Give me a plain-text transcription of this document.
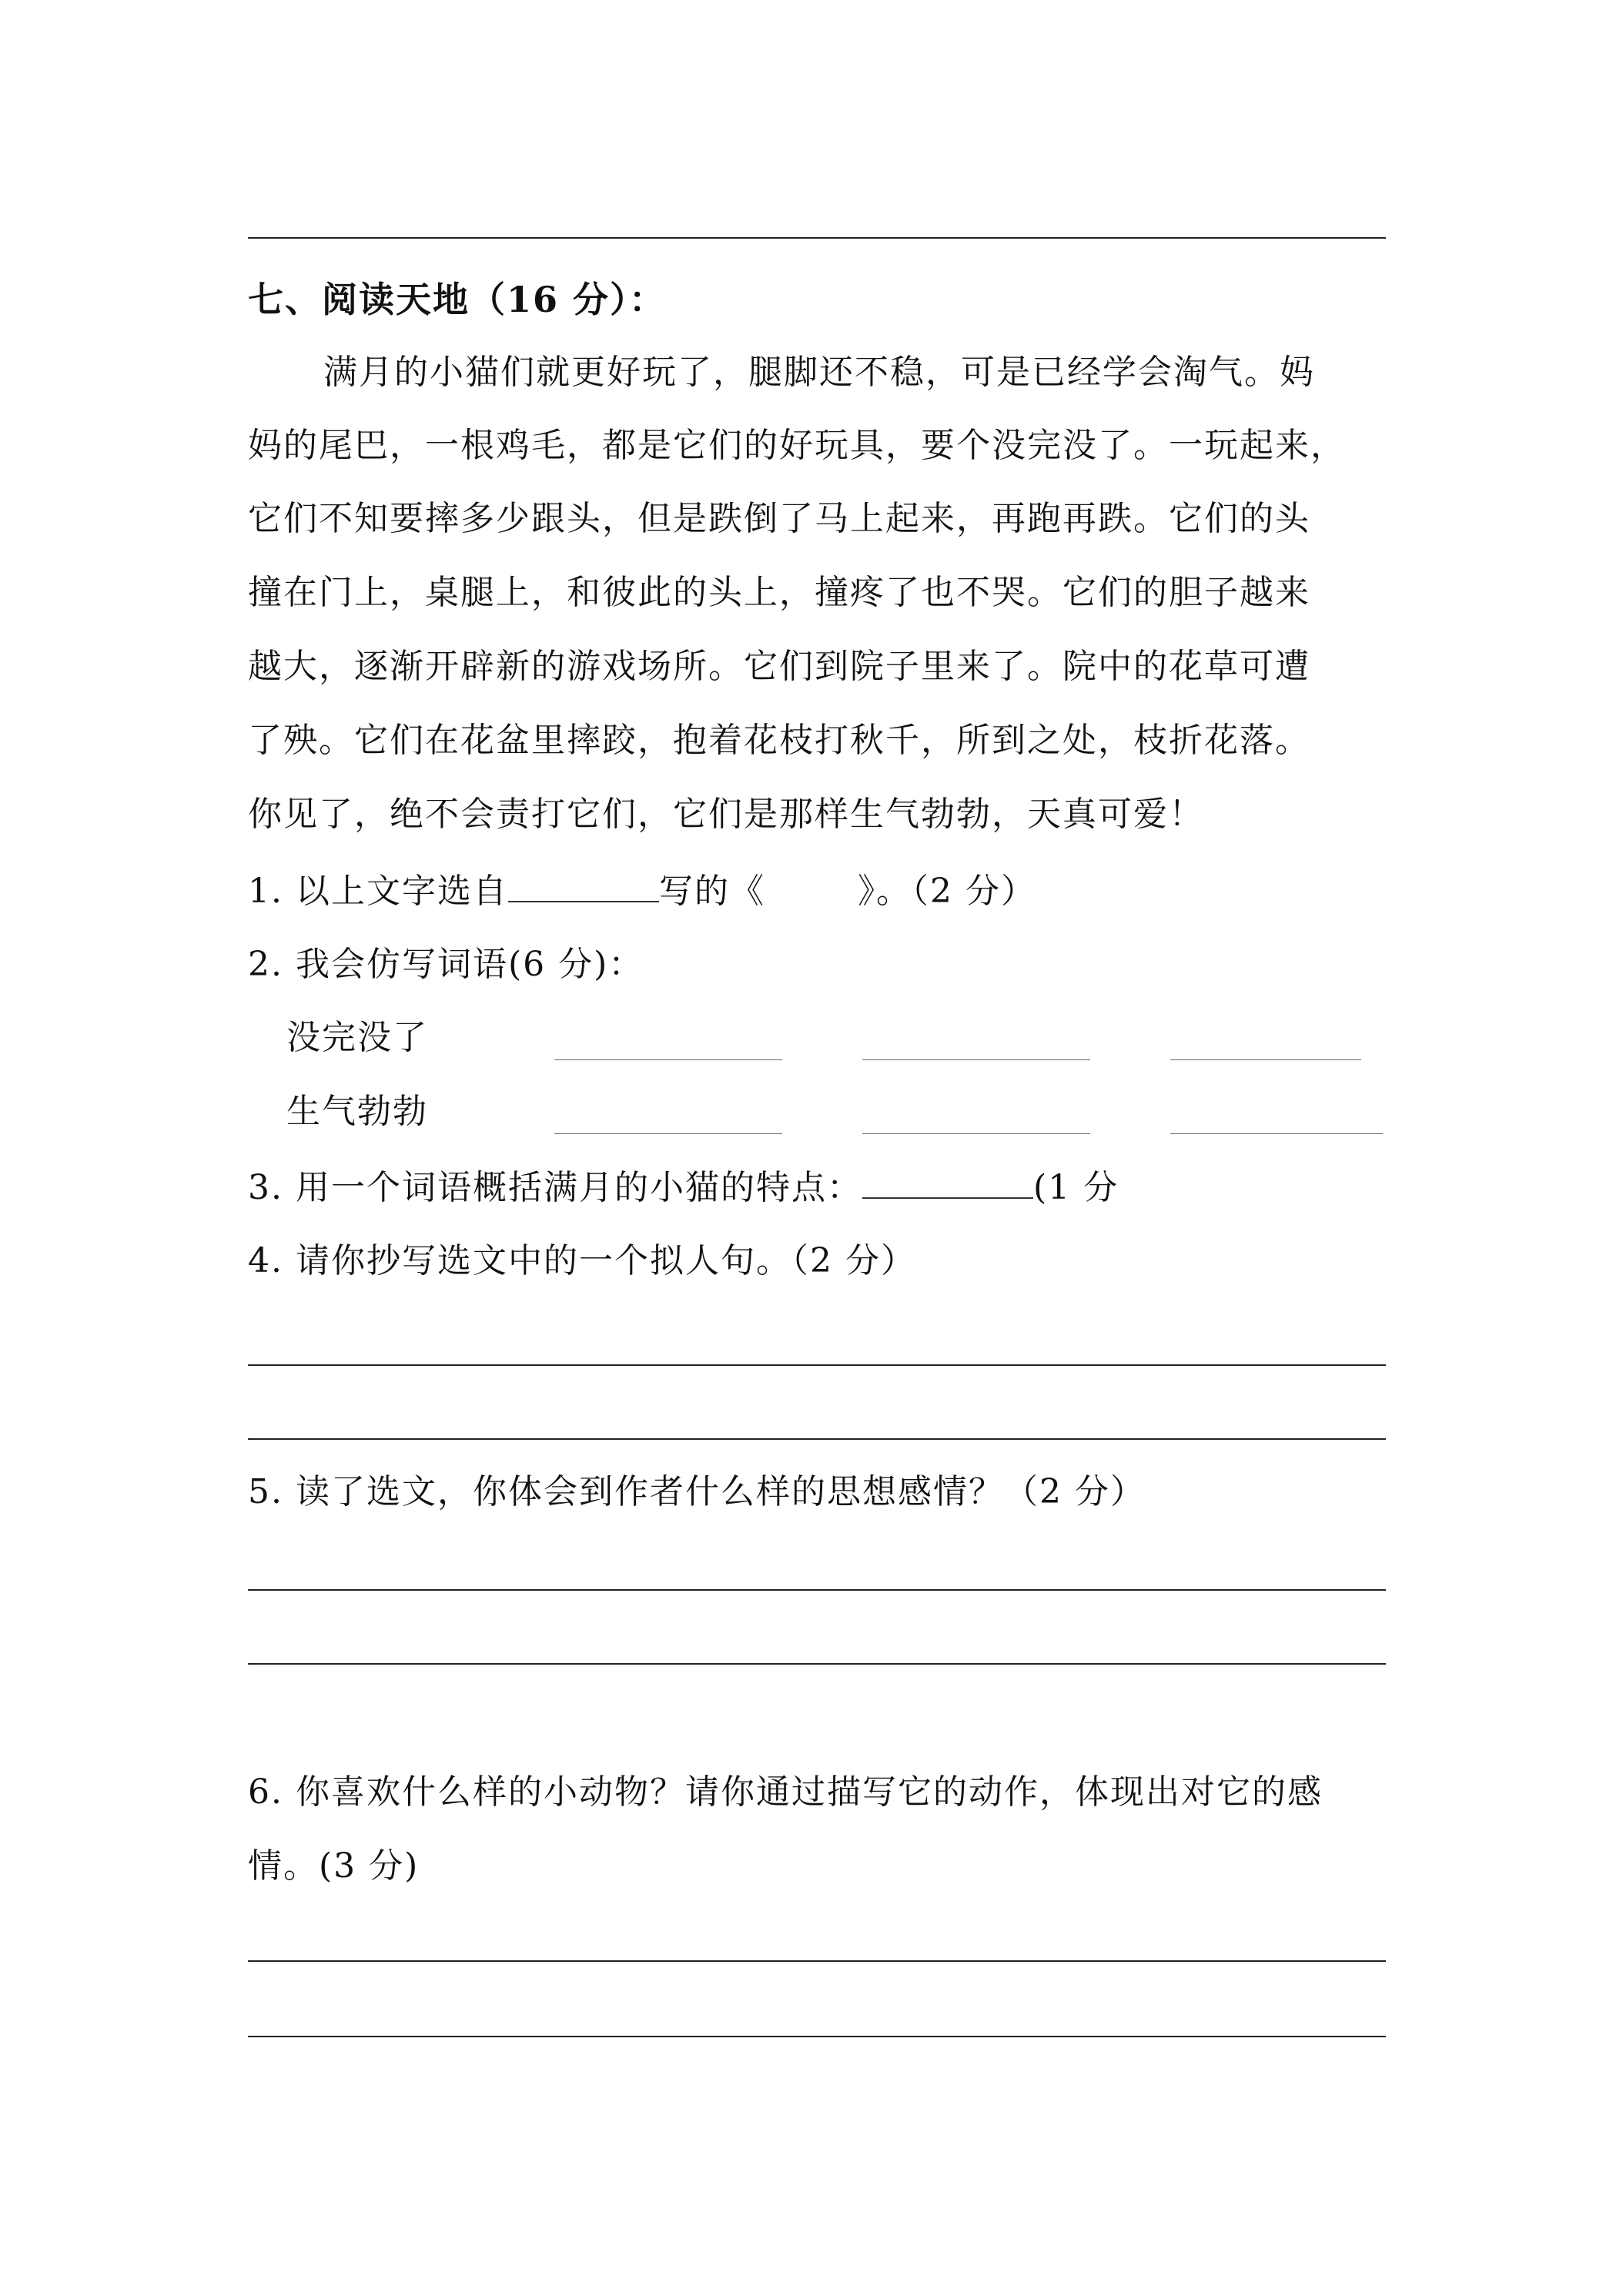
七、阅读天地（16 分）：
满月的小猫们就更好玩了，腿脚还不稳，可是已经学会淘气。妈
妈的尾巴，一根鸡毛，都是它们的好玩具，要个没完没了。一玩起来，
它们不知要摔多少跟头，但是跌倒了马上起来，再跑再跌。它们的头
撞在门上，桌腿上，和彼此的头上，撞疼了也不哭。它们的胆子越来
越大，逐渐开辟新的游戏场所。它们到院子里来了。院中的花草可遭
了殃。它们在花盆里摔跤，抱着花枝打秋千，所到之处，枝折花落。
你见了，绝不会责打它们，它们是那样生气勃勃，天真可爱！
1. 以上文字选自	写的《	》。（2 分）
2. 我会仿写词语(6 分)：
没完没了
生气勃勃
3. 用一个词语概括满月的小猫的特点：	(1 分
4. 请你抄写选文中的一个拟人句。（2 分）
5. 读了选文，你体会到作者什么样的思想感情？（2 分）
6. 你喜欢什么样的小动物？请你通过描写它的动作，体现出对它的感
情。(3 分)
